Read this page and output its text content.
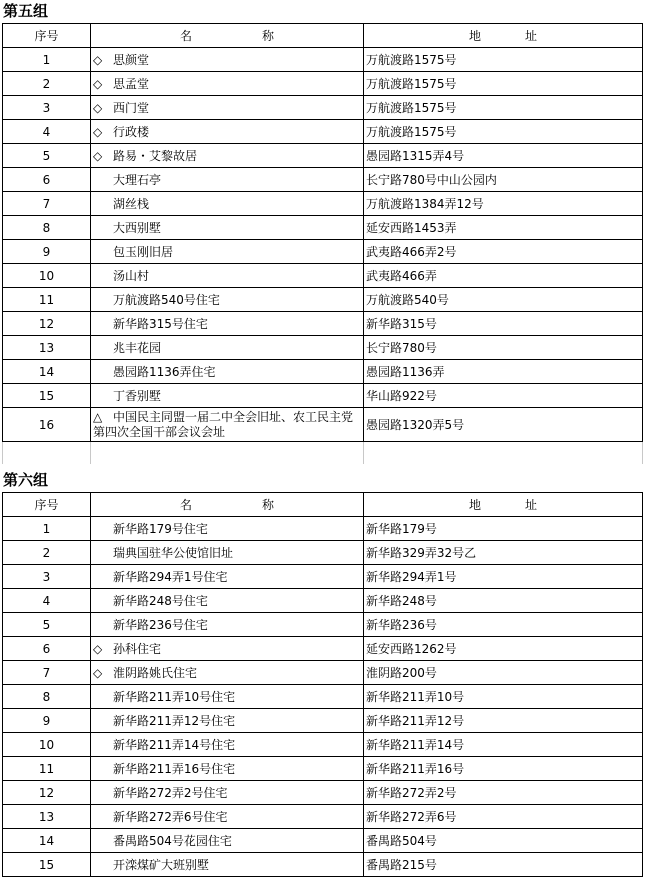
第五组
序号	名 称	地 址
1	◇ 思颜堂	万航渡路1575号
2	◇ 思孟堂	万航渡路1575号
3	◇ 西门堂	万航渡路1575号
4	◇ 行政楼	万航渡路1575号
5	◇ 路易・艾黎故居	愚园路1315弄4号
6	大理石亭	长宁路780号中山公园内
7	湖丝栈	万航渡路1384弄12号
8	大西别墅	延安西路1453弄
9	包玉刚旧居	武夷路466弄2号
10	汤山村	武夷路466弄
11	万航渡路540号住宅	万航渡路540号
12	新华路315号住宅	新华路315号
13	兆丰花园	长宁路780号
14	愚园路1136弄住宅	愚园路1136弄
15	丁香别墅	华山路922号
16	△ 中国民主同盟一届二中全会旧址、农工民主党第四次全国干部会议会址	愚园路1320弄5号

序号	名 称	地 址
1	新华路179号住宅	新华路179号
2	瑞典国驻华公使馆旧址	新华路329弄32号乙
3	新华路294弄1号住宅	新华路294弄1号
4	新华路248号住宅	新华路248号
5	新华路236号住宅	新华路236号
6	◇ 孙科住宅	延安西路1262号
7	◇ 淮阴路姚氏住宅	淮阴路200号
8	新华路211弄10号住宅	新华路211弄10号
9	新华路211弄12号住宅	新华路211弄12号
10	新华路211弄14号住宅	新华路211弄14号
11	新华路211弄16号住宅	新华路211弄16号
12	新华路272弄2号住宅	新华路272弄2号
13	新华路272弄6号住宅	新华路272弄6号
14	番禺路504号花园住宅	番禺路504号
15	开滦煤矿大班别墅	番禺路215号
第六组
